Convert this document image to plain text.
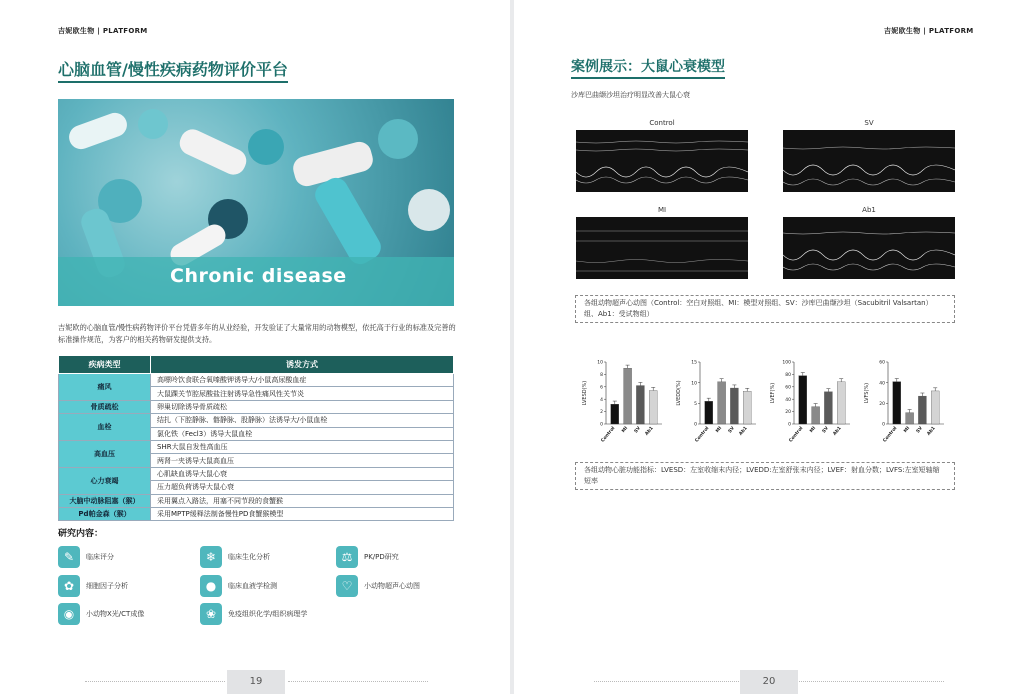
吉妮欧生物 | PLATFORM
心脑血管/慢性疾病药物评价平台
Chronic disease
吉妮欧的心脑血管/慢性病药物评价平台凭借多年的从业经验，开发验证了大量常用的动物模型，依托高于行业的标准及完善的标准操作规范，为客户的相关药物研发提供支持。
疾病类型	诱发方式
痛风	高嘌呤饮食联合氧嗪酸钾诱导大/小鼠高尿酸血症
	大鼠踝关节腔尿酸盐注射诱导急性痛风性关节炎
骨质疏松	卵巢切除诱导骨质疏松
血栓	结扎（下腔静脉、髂静脉、股静脉）法诱导大/小鼠血栓
	氯化铁（Fecl3）诱导大鼠血栓
高血压	SHR大鼠自发性高血压
	两肾一夹诱导大鼠高血压
心力衰竭	心肌缺血诱导大鼠心衰
	压力超负荷诱导大鼠心衰
大脑中动脉阻塞（猴）	采用翼点入路法，用塞不同节段的食蟹猴
Pd帕金森（猴）	采用MPTP缓释法制备慢性PD食蟹猴模型
研究内容：
✎	临床评分	❄	临床生化分析	⚖	PK/PD研究
✿	细胞因子分析	●	临床血液学检测	♡	小动物超声心动图
◉	小动物X光/CT成像	❀	免疫组织化学/组织病理学
19
吉妮欧生物 | PLATFORM
案例展示：大鼠心衰模型
沙库巴曲缬沙坦治疗明显改善大鼠心衰
Control	SV
MI	Ab1
各组动物超声心动图（Control：空白对照组、MI：模型对照组、SV：沙库巴曲缬沙坦（Sacubitril Valsartan）组、Ab1：受试物组）
LVESD(%)
0
2
4
6
8
10
Control MI SV Ab1
LVEDD(%)
0
5
10
15
Control MI SV Ab1
LVEF(%)
0
20
40
60
80
100
Control MI SV Ab1
LVFS(%)
0
20
40
60
Control MI SV Ab1
各组动物心脏功能指标：LVESD：左室收缩末内径；LVEDD:左室舒张末内径；LVEF：射血分数；LVFS:左室短轴缩短率
20
